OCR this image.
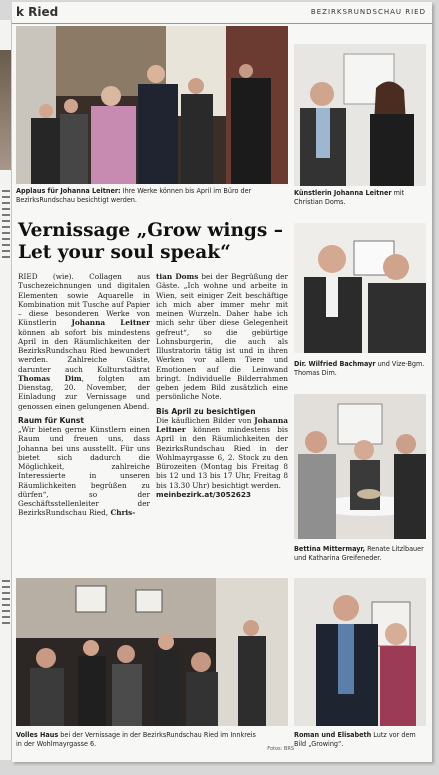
k Ried	BEZIRKSRUNDSCHAU RIED
Applaus für Johanna Leitner: Ihre Werke können bis April im Büro der BezirksRundschau besichtigt werden.
Künstlerin Johanna Leitner mit Christian Doms.
Dir. Wilfried Bachmayr und Vize-Bgm. Thomas Dim.
Bettina Mittermayr, Renate Litzlbauer und Katharina Greifeneder.
Roman und Elisabeth Lutz vor dem Bild „Growing“.
Volles Haus bei der Vernissage in der BezirksRundschau Ried im Innkreis in der Wohlmayrgasse 6.
Fotos: BRS
Vernissage „Grow wings – Let your soul speak“

RIED (wie). Collagen aus Tuschezeichnungen und digitalen Elementen sowie Aquarelle in Kombination mit Tusche auf Papier – diese besonderen Werke von Künstlerin Johanna Leitner können ab sofort bis mindestens April in den Räumlichkeiten der BezirksRundschau Ried bewundert werden. Zahlreiche Gäste, darunter auch Kulturstadtrat Thomas Dim, folgten am Dienstag, 20. November, der Einladung zur Vernissage und genossen einen gelungenen Abend.

Raum für Kunst

„Wir bieten gerne Künstlern einen Raum und freuen uns, dass Johanna bei uns ausstellt. Für uns bietet sich dadurch die Möglichkeit, zahlreiche Interessierte in unseren Räumlichkeiten begrüßen zu dürfen“, so der Geschäftsstellenleiter der BezirksRundschau Ried, Chris-

tian Doms bei der Begrüßung der Gäste. „Ich wohne und arbeite in Wien, seit einiger Zeit beschäftige ich mich aber immer mehr mit meinen Wurzeln. Daher habe ich mich sehr über diese Gelegenheit gefreut“, so die gebürtige Lohnsburgerin, die auch als Illustratorin tätig ist und in ihren Werken vor allem Tiere und Emotionen auf die Leinwand bringt. Individuelle Bilderrahmen geben jedem Bild zusätzlich eine persönliche Note.

Bis April zu besichtigen

Die käuflichen Bilder von Johanna Leitner können mindestens bis April in den Räumlichkeiten der BezirksRundschau Ried in der Wohlmayrgasse 6, 2. Stock zu den Bürozeiten (Montag bis Freitag 8 bis 12 und 13 bis 17 Uhr, Freitag 8 bis 13.30 Uhr) besichtigt werden.

meinbezirk.at/3052623
